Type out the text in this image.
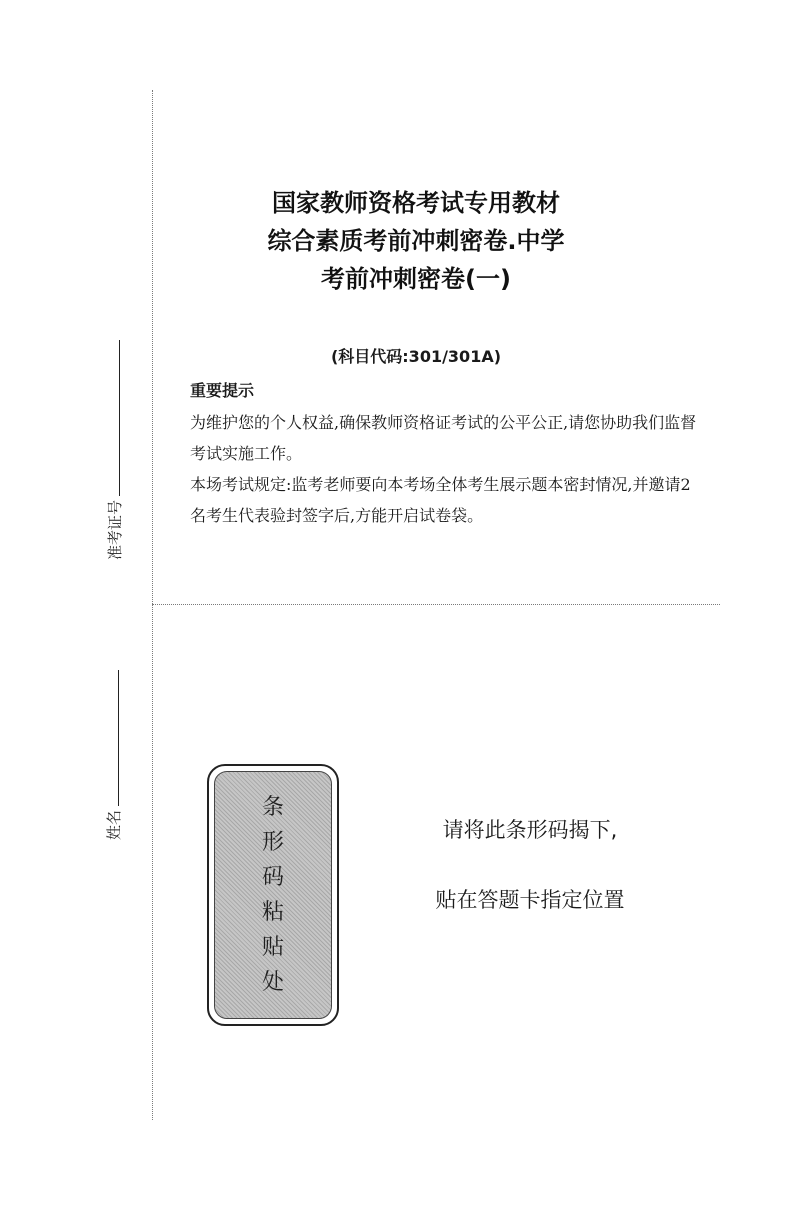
准考证号
姓名
国家教师资格考试专用教材
综合素质考前冲刺密卷.中学
考前冲刺密卷(一)
(科目代码:301/301A)
重要提示

为维护您的个人权益,确保教师资格证考试的公平公正,请您协助我们监督考试实施工作。

本场考试规定:监考老师要向本考场全体考生展示题本密封情况,并邀请2名考生代表验封签字后,方能开启试卷袋。

条
形
码
粘
贴
处
请将此条形码揭下,
贴在答题卡指定位置
